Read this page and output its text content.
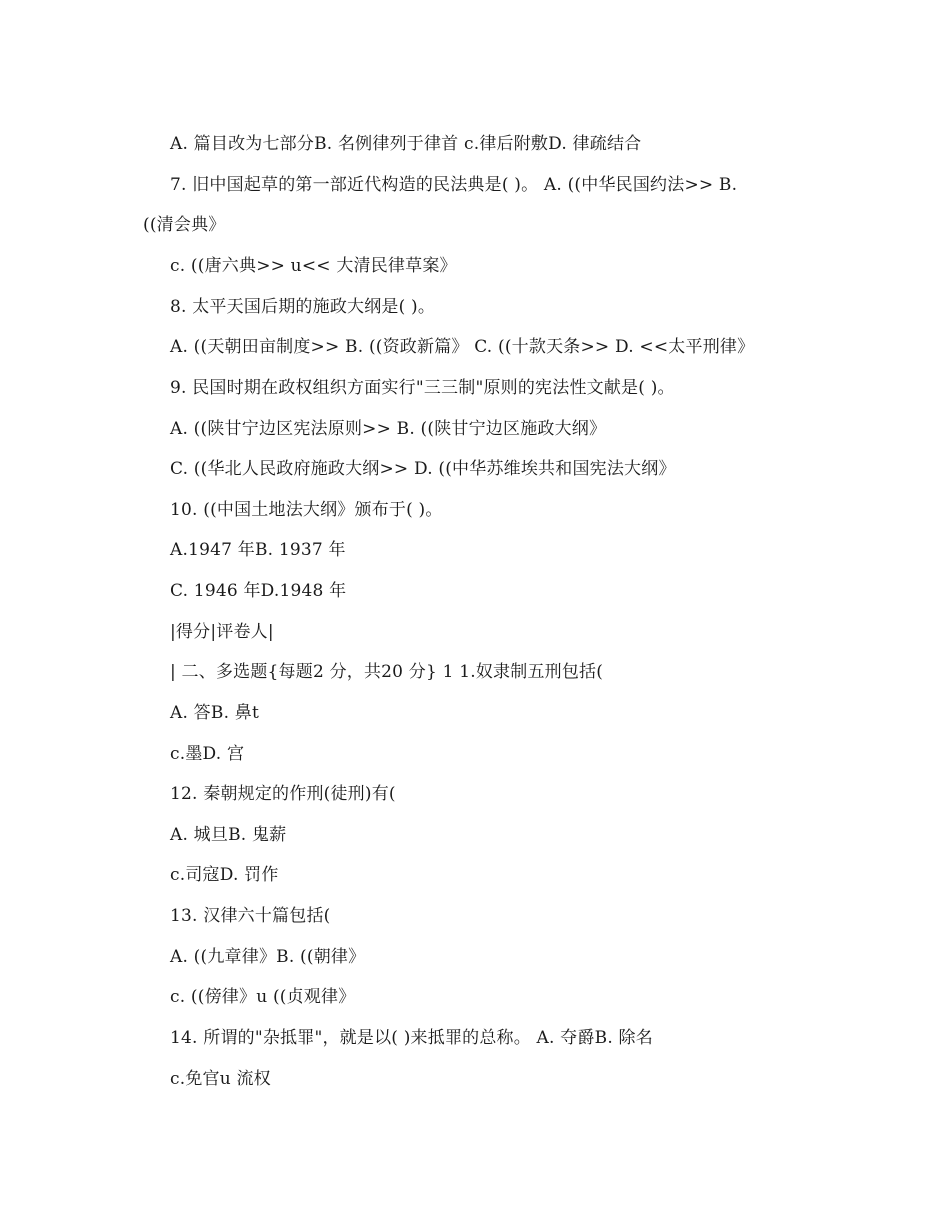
A. 篇目改为七部分B. 名例律列于律首 c.律后附敷D. 律疏结合
7. 旧中国起草的第一部近代构造的民法典是( )。 A. ((中华民国约法>> B.
((清会典》
c. ((唐六典>> u<< 大清民律草案》
8. 太平天国后期的施政大纲是( )。
A. ((天朝田亩制度>> B. ((资政新篇》 C. ((十款天条>> D. <<太平刑律》
9. 民国时期在政权组织方面实行"三三制"原则的宪法性文献是( )。
A. ((陕甘宁边区宪法原则>> B. ((陕甘宁边区施政大纲》
C. ((华北人民政府施政大纲>> D. ((中华苏维埃共和国宪法大纲》
10. ((中国土地法大纲》颁布于( )。
A.1947 年B. 1937 年
C. 1946 年D.1948 年
|得分|评卷人|
| 二、多选题{每题2 分，共20 分} 1 1.奴隶制五刑包括(
A. 答B. 鼻t
c.墨D. 宫
12. 秦朝规定的作刑(徒刑)有(
A. 城旦B. 鬼薪
c.司寇D. 罚作
13. 汉律六十篇包括(
A. ((九章律》B. ((朝律》
c. ((傍律》u ((贞观律》
14. 所谓的"杂抵罪"，就是以( )来抵罪的总称。 A. 夺爵B. 除名
c.免官u 流权
